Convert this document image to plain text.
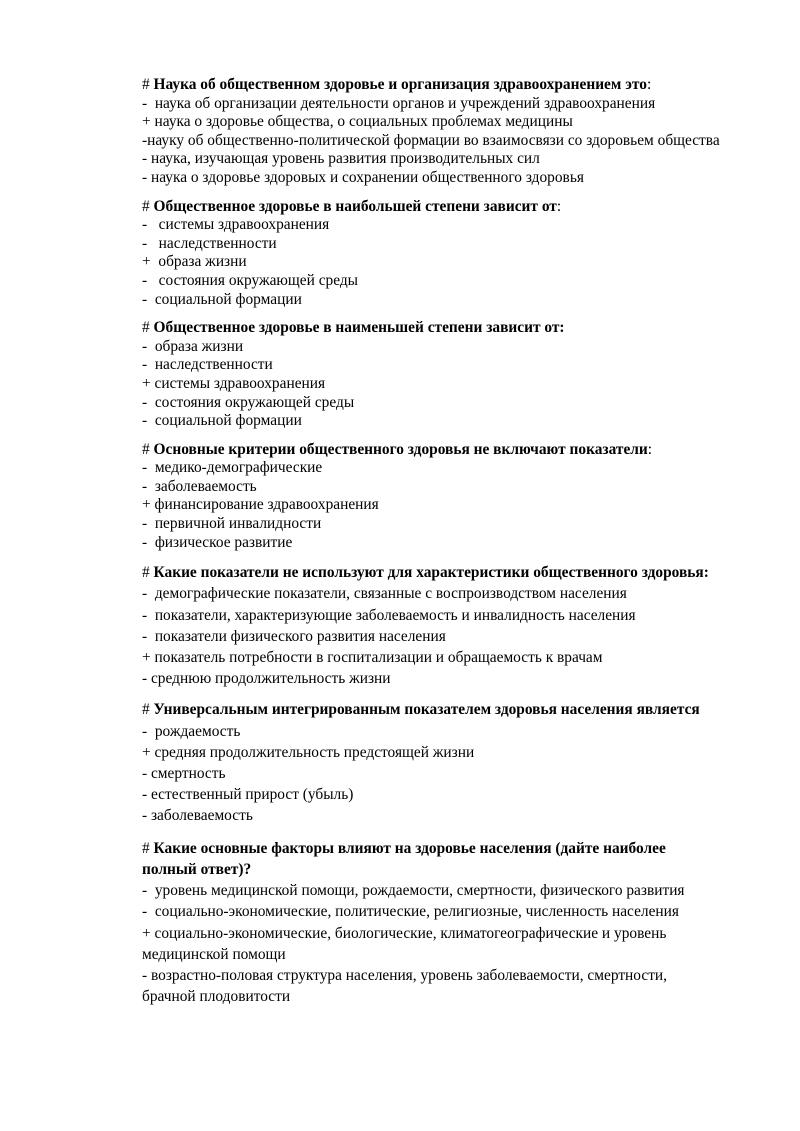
# Наука об общественном здоровье и организация здравоохранением это:

-  наука об организации деятельности органов и учреждений здравоохранения

+ наука о здоровье общества, о социальных проблемах медицины

-науку об общественно-политической формации во взаимосвязи со здоровьем общества

- наука, изучающая уровень развития производительных сил

- наука о здоровье здоровых и сохранении общественного здоровья

# Общественное здоровье в наибольшей степени зависит от:

-   системы здравоохранения

-   наследственности

+  образа жизни

-   состояния окружающей среды

-  социальной формации

# Общественное здоровье в наименьшей степени зависит от:

-  образа жизни

-  наследственности

+ системы здравоохранения

-  состояния окружающей среды

-  социальной формации

# Основные критерии общественного здоровья не включают показатели:

-  медико-демографические

-  заболеваемость

+ финансирование здравоохранения

-  первичной инвалидности

-  физическое развитие

# Какие показатели не используют для характеристики общественного здоровья:

-  демографические показатели, связанные с воспроизводством населения

-  показатели, характеризующие заболеваемость и инвалидность населения

-  показатели физического развития населения

+ показатель потребности в госпитализации и обращаемость к врачам

- среднюю продолжительность жизни

# Универсальным интегрированным показателем здоровья населения является

-  рождаемость

+ средняя продолжительность предстоящей жизни

- смертность

- естественный прирост (убыль)

- заболеваемость

# Какие основные факторы влияют на здоровье населения (дайте наиболее полный ответ)?

-  уровень медицинской помощи, рождаемости, смертности, физического развития

-  социально-экономические, политические, религиозные, численность населения

+ социально-экономические, биологические, климатогеографические и уровень медицинской помощи

- возрастно-половая структура населения, уровень заболеваемости, смертности, брачной плодовитости
